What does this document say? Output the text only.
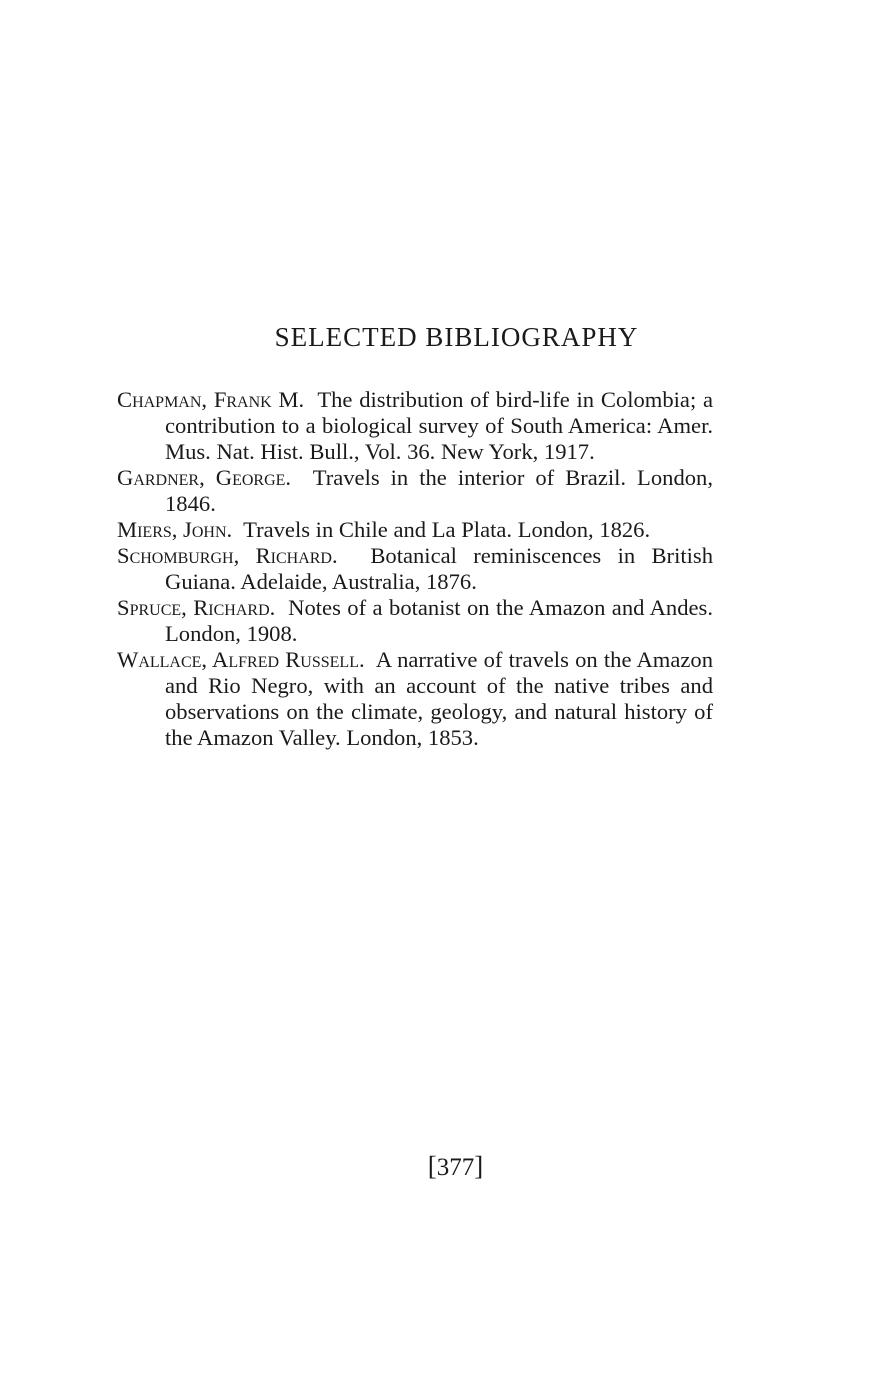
SELECTED BIBLIOGRAPHY
Chapman, Frank M. The distribution of bird-life in Colombia; a contribution to a biological survey of South America: Amer. Mus. Nat. Hist. Bull., Vol. 36. New York, 1917.
Gardner, George. Travels in the interior of Brazil. London, 1846.
Miers, John. Travels in Chile and La Plata. London, 1826.
Schomburgh, Richard. Botanical reminiscences in British Guiana. Adelaide, Australia, 1876.
Spruce, Richard. Notes of a botanist on the Amazon and Andes. London, 1908.
Wallace, Alfred Russell. A narrative of travels on the Amazon and Rio Negro, with an account of the native tribes and observations on the climate, geology, and natural history of the Amazon Valley. London, 1853.
[377]
